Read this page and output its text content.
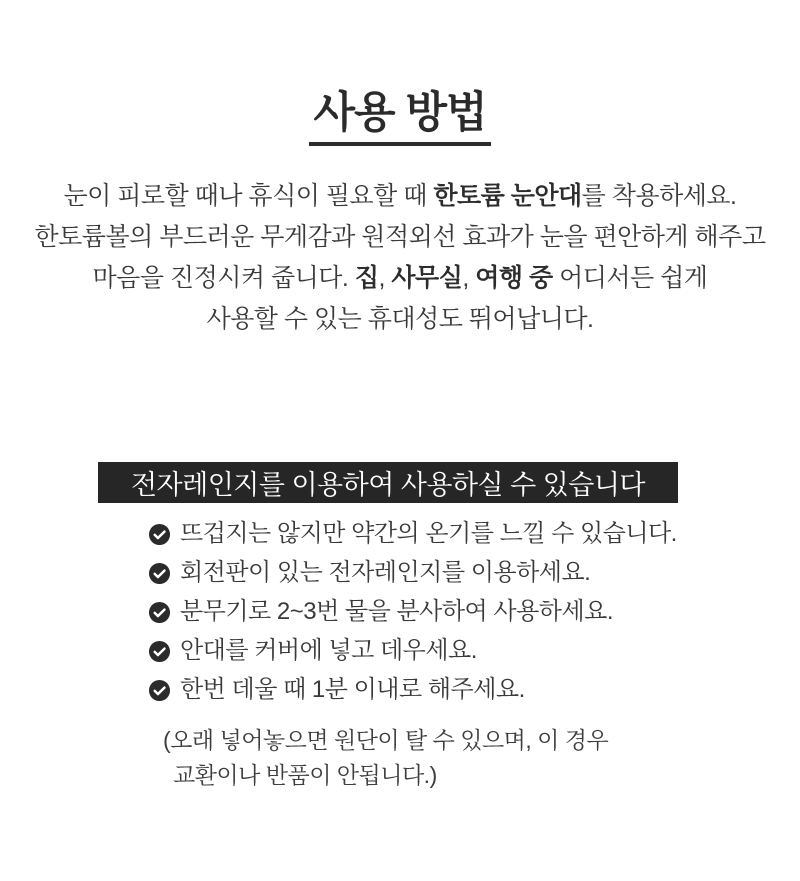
사용 방법
눈이 피로할 때나 휴식이 필요할 때 한토륨 눈안대를 착용하세요.
한토륨볼의 부드러운 무게감과 원적외선 효과가 눈을 편안하게 해주고
마음을 진정시켜 줍니다. 집, 사무실, 여행 중 어디서든 쉽게
사용할 수 있는 휴대성도 뛰어납니다.
전자레인지를 이용하여 사용하실 수 있습니다
뜨겁지는 않지만 약간의 온기를 느낄 수 있습니다.
회전판이 있는 전자레인지를 이용하세요.
분무기로 2~3번 물을 분사하여 사용하세요.
안대를 커버에 넣고 데우세요.
한번 데울 때 1분 이내로 해주세요.
(오래 넣어놓으면 원단이 탈 수 있으며, 이 경우
교환이나 반품이 안됩니다.)
